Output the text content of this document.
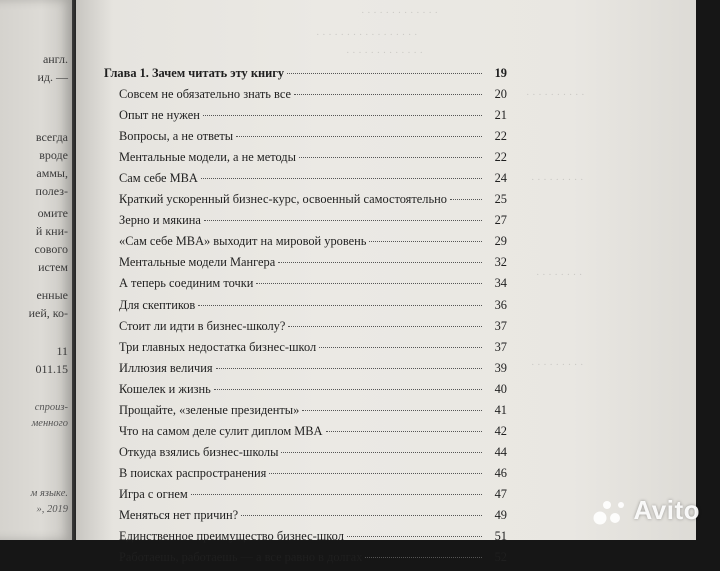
англ.
ид. —
всегда
вроде
аммы,
полез-
омите
й кни-
сового
истем
енные
ией, ко-
11
011.15
спроиз-
менного
м языке.
», 2019
· · · · · · · · · · · · ·
· · · · · · · · · · · · · · · · ·
· · · · · · · · · · · · ·
· · · · · · · · · ·
· · · · · · · · ·
· · · · · · · ·
· · · · · · · · ·
Глава 1. Зачем читать эту книгу	19
Совсем не обязательно знать все	20
Опыт не нужен	21
Вопросы, а не ответы	22
Ментальные модели, а не методы	22
Сам себе MBA	24
Краткий ускоренный бизнес-курс, освоенный самостоятельно	25
Зерно и мякина	27
«Сам себе MBA» выходит на мировой уровень	29
Ментальные модели Мангера	32
А теперь соединим точки	34
Для скептиков	36
Стоит ли идти в бизнес-школу?	37
Три главных недостатка бизнес-школ	37
Иллюзия величия	39
Кошелек и жизнь	40
Прощайте, «зеленые президенты»	41
Что на самом деле сулит диплом MBA	42
Откуда взялись бизнес-школы	44
В поисках распространения	46
Игра с огнем	47
Меняться нет причин?	49
Единственное преимущество бизнес-школ	51
Работаешь, работаешь — а все равно в долгах	52
Avito
